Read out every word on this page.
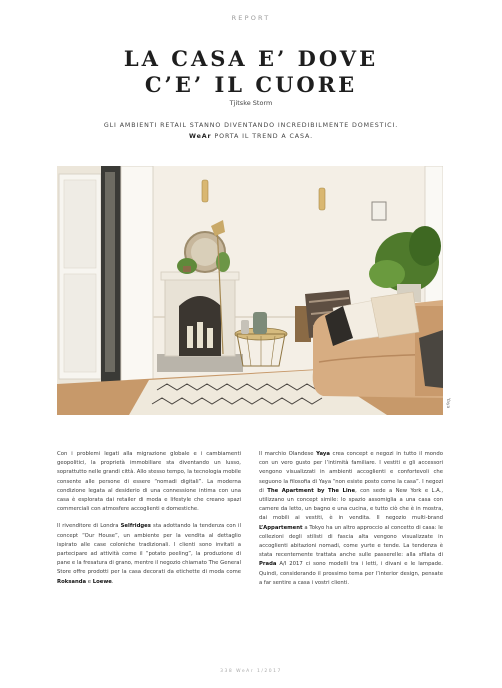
REPORT
LA CASA E’ DOVE
C’E’ IL CUORE
Tjitske Storm
GLI AMBIENTI RETAIL STANNO DIVENTANDO INCREDIBILMENTE DOMESTICI.
WeAr PORTA IL TREND A CASA.
Yaya

Con i problemi legati alla migrazione globale e i cambiamenti geopolitici, la proprietà immobiliare sta diventando un lusso, soprattutto nelle grandi città. Allo stesso tempo, la tecnologia mobile consente alle persone di essere “nomadi digitali”. La moderna condizione legata al desiderio di una connessione intima con una casa è esplorata dai retailer di moda e lifestyle che creano spazi commerciali con atmosfere accoglienti e domestiche.

Il rivenditore di Londra Selfridges sta adottando la tendenza con il concept “Our House”, un ambiente per la vendita al dettaglio ispirato alle case coloniche tradizionali. I clienti sono invitati a partecipare ad attività come il “potato peeling”, la produzione di pane e la fresatura di grano, mentre il negozio chiamato The General Store offre prodotti per la casa decorati da etichette di moda come Roksanda e Loewe.

Il marchio Olandese Yaya crea concept e negozi in tutto il mondo con un vero gusto per l’intimità familiare. I vestiti e gli accessori vengono visualizzati in ambienti accoglienti e confortevoli che seguono la filosofia di Yaya “non esiste posto come la casa”. I negozi di The Apartment by The Line, con sede a New York e L.A., utilizzano un concept simile: lo spazio assomiglia a una casa con camere da letto, un bagno e una cucina, e tutto ciò che è in mostra, dai mobili ai vestiti, è in vendita. Il negozio multi-brand L’Appartement a Tokyo ha un altro approccio al concetto di casa: le collezioni degli stilisti di fascia alta vengono visualizzate in accoglienti abitazioni nomadi, come yurte e tende. La tendenza è stata recentemente trattata anche sulle passerelle: alla sfilata di Prada A/I 2017 ci sono modelli tra i letti, i divani e le lampade. Quindi, considerando il prossimo tema per l’interior design, pensate a far sentire a casa i vostri clienti.

338 WeAr 1/2017
